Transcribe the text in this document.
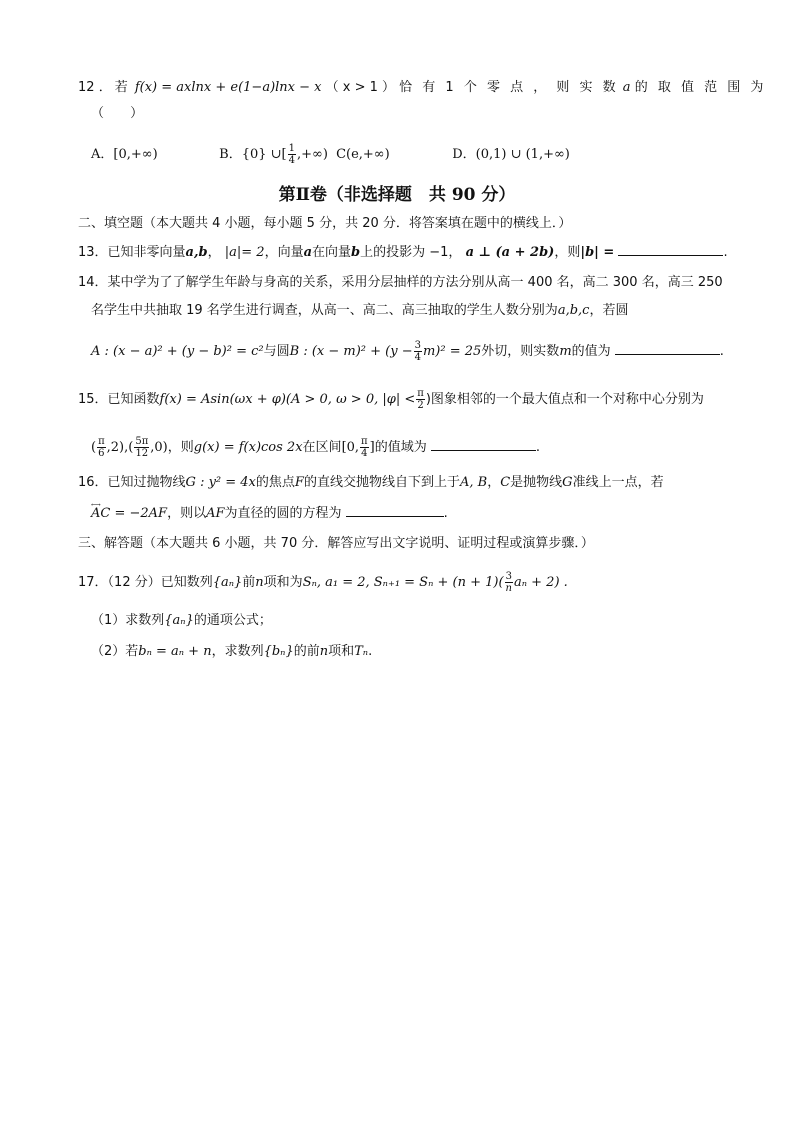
12 ．若 f(x) = axlnx + e(1−a)lnx − x （ x > 1 ） 恰 有 1 个 零 点 ， 则 实 数 a 的 取 值 范 围 为
（ ）
A．[0,+∞)	B．{0} ∪[ $\frac{1}{4}$ ,+∞) C(e,+∞)	D．(0,1) ∪ (1,+∞)
第Ⅱ卷（非选择题　共 90 分）
二、填空题（本大题共 4 小题，每小题 5 分，共 20 分．将答案填在题中的横线上．）
13．已知非零向量a,b， |a|= 2，向量a在向量b上的投影为 −1， a ⊥ (a + 2b)，则|b| =	.
14．某中学为了了解学生年龄与身高的关系，采用分层抽样的方法分别从高一 400 名，高二 300 名，高三 250
名学生中共抽取 19 名学生进行调查，从高一、高二、高三抽取的学生人数分别为a,b,c，若圆
A : (x − a)² + (y − b)² = c²与圆B : $(x - m)^2 + (y - \frac{3}{4} m)^2 = 25$外切，则实数m的值为	.
15．已知函数f(x) = Asin(ωx + φ)(A > 0, ω > 0, $|\varphi| < \frac{\pi}{2}$ )图象相邻的一个最大值点和一个对称中心分别为
( $\frac{\pi}{6} ,2),( \frac{5\pi}{12} ,0)$，则g(x) = f(x)cos 2x在区间[0, $\frac{\pi}{4}$ ]的值域为	.
16．已知过抛物线G : y² = 4x的焦点F的直线交抛物线自下到上于A, B，C是抛物线G准线上一点，若
←→ AC = −2AF，则以AF为直径的圆的方程为	.
三、解答题（本大题共 6 小题，共 70 分．解答应写出文字说明、证明过程或演算步骤．）
17．（12 分）已知数列{aₙ}前n项和为Sₙ, a₁ = 2, $S_{n+1} = S_n + (n + 1)( \frac{3}{n}$ aₙ + 2) .
（1）求数列{aₙ}的通项公式；
（2）若bₙ = aₙ + n，求数列{bₙ}的前n项和Tₙ.
